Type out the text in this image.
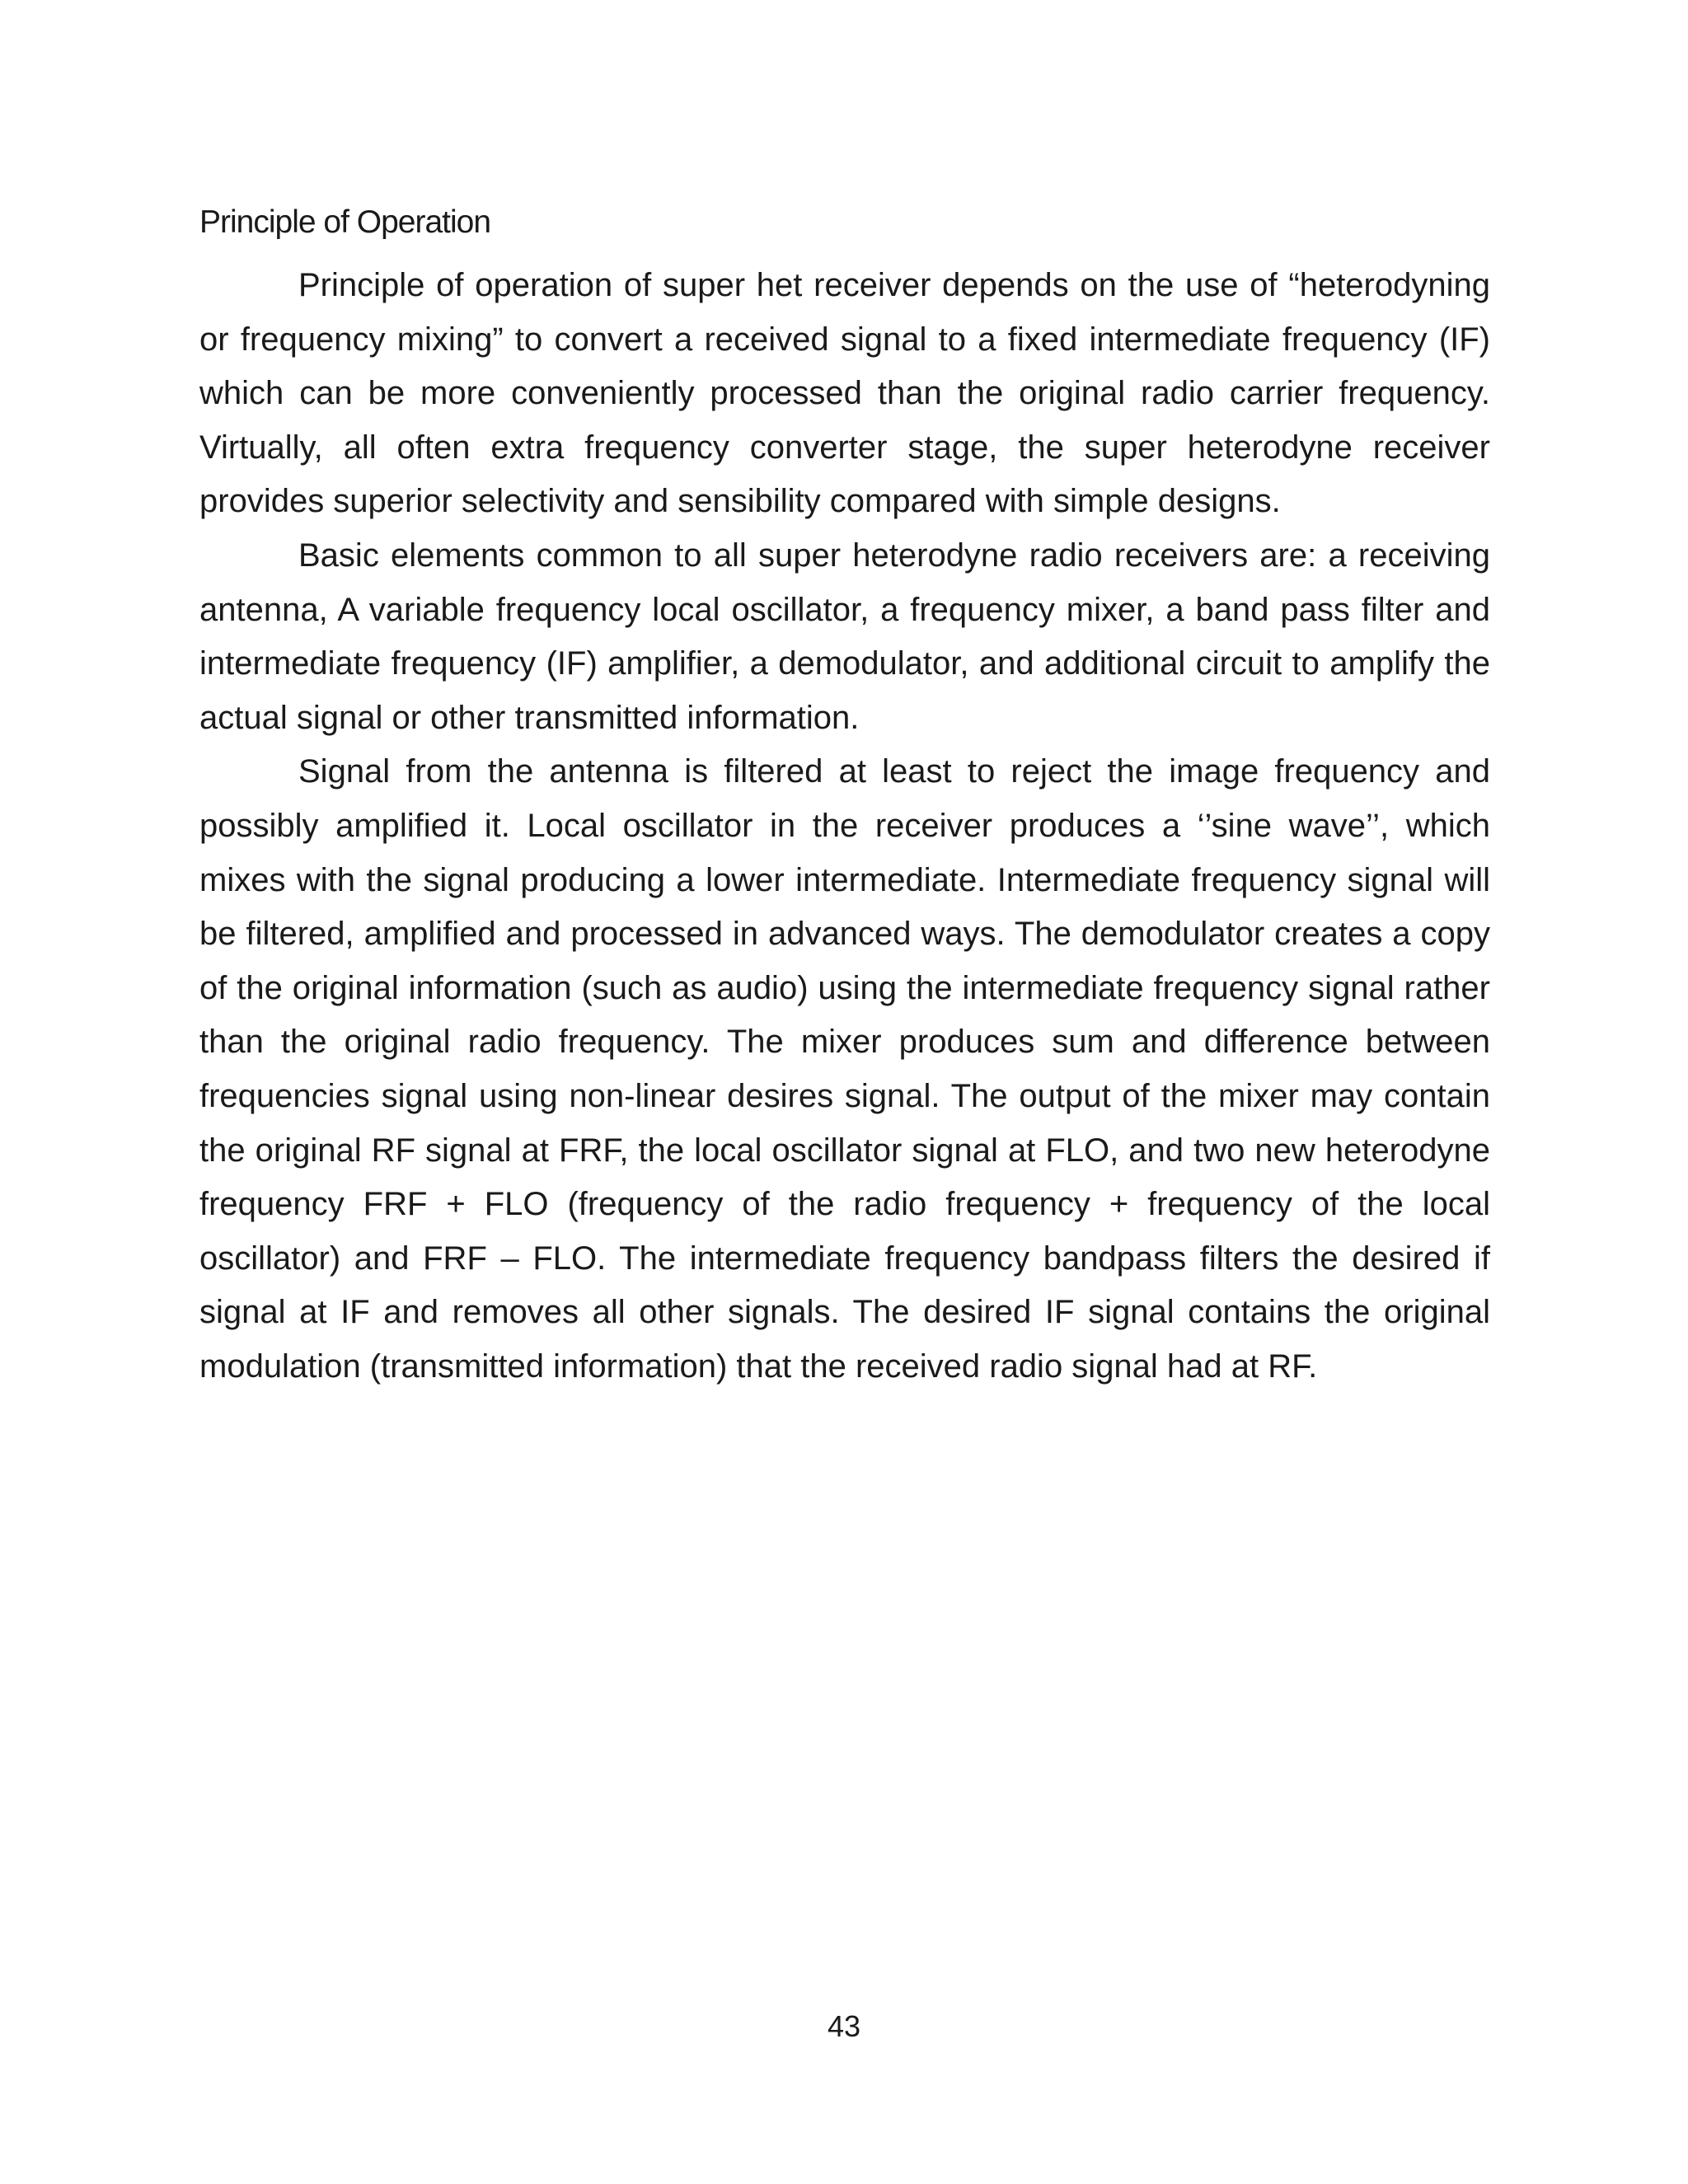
Principle of Operation

Principle of operation of super het receiver depends on the use of “heterodyning or frequency mixing” to convert a received signal to a fixed intermediate frequency (IF) which can be more conveniently processed than the original radio carrier frequency. Virtually, all often extra frequency converter stage, the super heterodyne receiver provides superior selectivity and sensibility compared with simple designs.

Basic elements common to all super heterodyne radio receivers are: a receiving antenna, A variable frequency local oscillator, a frequency mixer, a band pass filter and intermediate frequency (IF) amplifier, a demodulator, and additional circuit to amplify the actual signal or other transmitted information.

Signal from the antenna is filtered at least to reject the image frequency and possibly amplified it. Local oscillator in the receiver produces a ‘’sine wave’’, which mixes with the signal producing a lower intermediate. Intermediate frequency signal will be filtered, amplified and processed in advanced ways. The demodulator creates a copy of the original information (such as audio) using the intermediate frequency signal rather than the original radio frequency. The mixer produces sum and difference between frequencies signal using non-linear desires signal. The output of the mixer may contain the original RF signal at FRF, the local oscillator signal at FLO, and two new heterodyne frequency FRF + FLO (frequency of the radio frequency + frequency of the local oscillator) and FRF – FLO. The intermediate frequency bandpass filters the desired if signal at IF and removes all other signals. The desired IF signal contains the original modulation (transmitted information) that the received radio signal had at RF.

43
